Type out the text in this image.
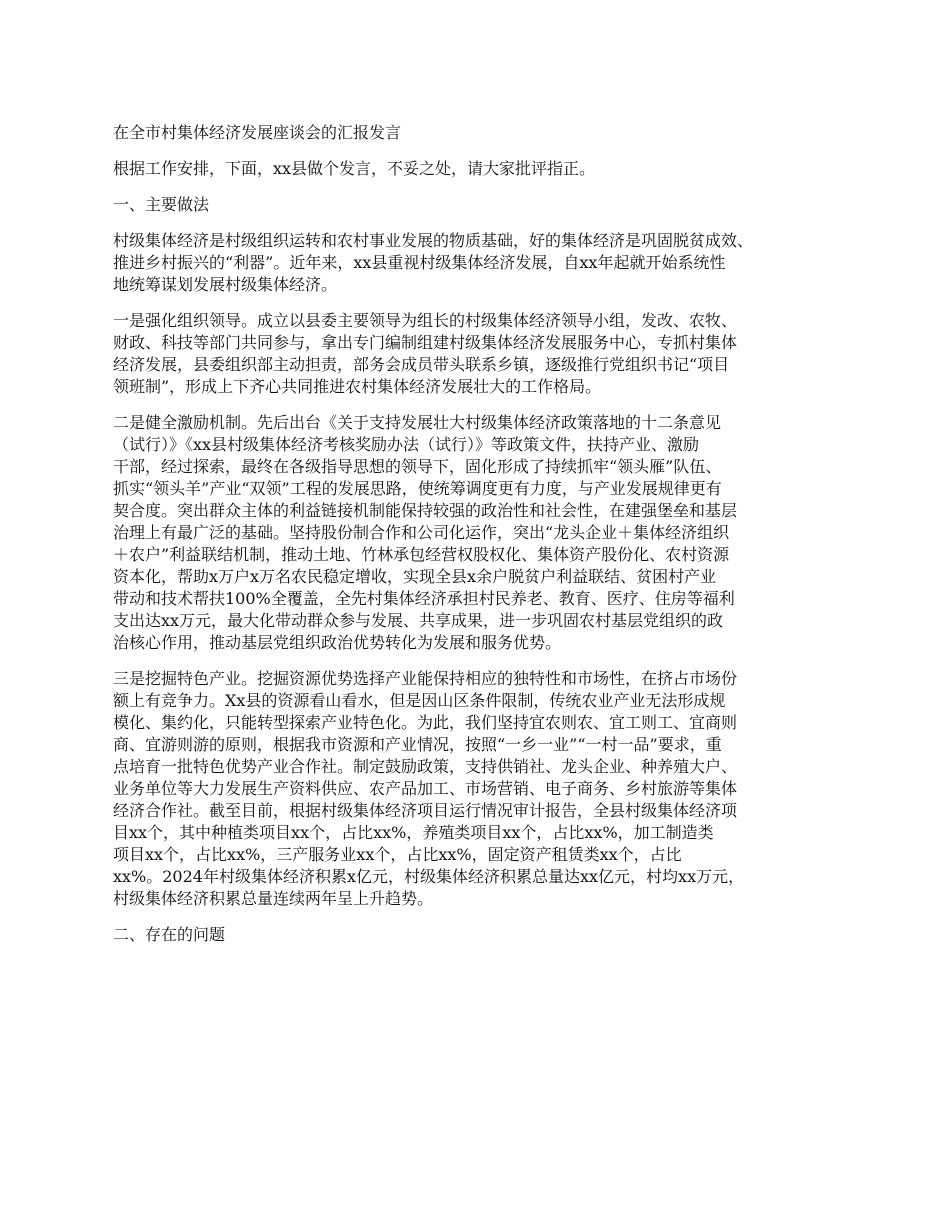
在全市村集体经济发展座谈会的汇报发言
根据工作安排，下面，xx县做个发言，不妥之处，请大家批评指正。
一、主要做法
村级集体经济是村级组织运转和农村事业发展的物质基础，好的集体经济是巩固脱贫成效、
推进乡村振兴的“利器”。近年来，xx县重视村级集体经济发展，自xx年起就开始系统性
地统筹谋划发展村级集体经济。
一是强化组织领导。成立以县委主要领导为组长的村级集体经济领导小组，发改、农牧、
财政、科技等部门共同参与，拿出专门编制组建村级集体经济发展服务中心，专抓村集体
经济发展，县委组织部主动担责，部务会成员带头联系乡镇，逐级推行党组织书记“项目
领班制”，形成上下齐心共同推进农村集体经济发展壮大的工作格局。
二是健全激励机制。先后出台《关于支持发展壮大村级集体经济政策落地的十二条意见
（试行）》《xx县村级集体经济考核奖励办法（试行）》等政策文件，扶持产业、激励
干部，经过探索，最终在各级指导思想的领导下，固化形成了持续抓牢“领头雁”队伍、
抓实“领头羊”产业“双领”工程的发展思路，使统筹调度更有力度，与产业发展规律更有
契合度。突出群众主体的利益链接机制能保持较强的政治性和社会性，在建强堡垒和基层
治理上有最广泛的基础。坚持股份制合作和公司化运作，突出“龙头企业＋集体经济组织
＋农户”利益联结机制，推动土地、竹林承包经营权股权化、集体资产股份化、农村资源
资本化，帮助x万户x万名农民稳定增收，实现全县x余户脱贫户利益联结、贫困村产业
带动和技术帮扶100%全覆盖，全先村集体经济承担村民养老、教育、医疗、住房等福利
支出达xx万元，最大化带动群众参与发展、共享成果，进一步巩固农村基层党组织的政
治核心作用，推动基层党组织政治优势转化为发展和服务优势。
三是挖掘特色产业。挖掘资源优势选择产业能保持相应的独特性和市场性，在挤占市场份
额上有竞争力。Xx县的资源看山看水，但是因山区条件限制，传统农业产业无法形成规
模化、集约化，只能转型探索产业特色化。为此，我们坚持宜农则农、宜工则工、宜商则
商、宜游则游的原则，根据我市资源和产业情况，按照“一乡一业”“一村一品”要求，重
点培育一批特色优势产业合作社。制定鼓励政策，支持供销社、龙头企业、种养殖大户、
业务单位等大力发展生产资料供应、农产品加工、市场营销、电子商务、乡村旅游等集体
经济合作社。截至目前，根据村级集体经济项目运行情况审计报告，全县村级集体经济项
目xx个，其中种植类项目xx个，占比xx%，养殖类项目xx个，占比xx%，加工制造类
项目xx个，占比xx%，三产服务业xx个，占比xx%，固定资产租赁类xx个，占比
xx%。2024年村级集体经济积累x亿元，村级集体经济积累总量达xx亿元，村均xx万元，
村级集体经济积累总量连续两年呈上升趋势。
二、存在的问题
